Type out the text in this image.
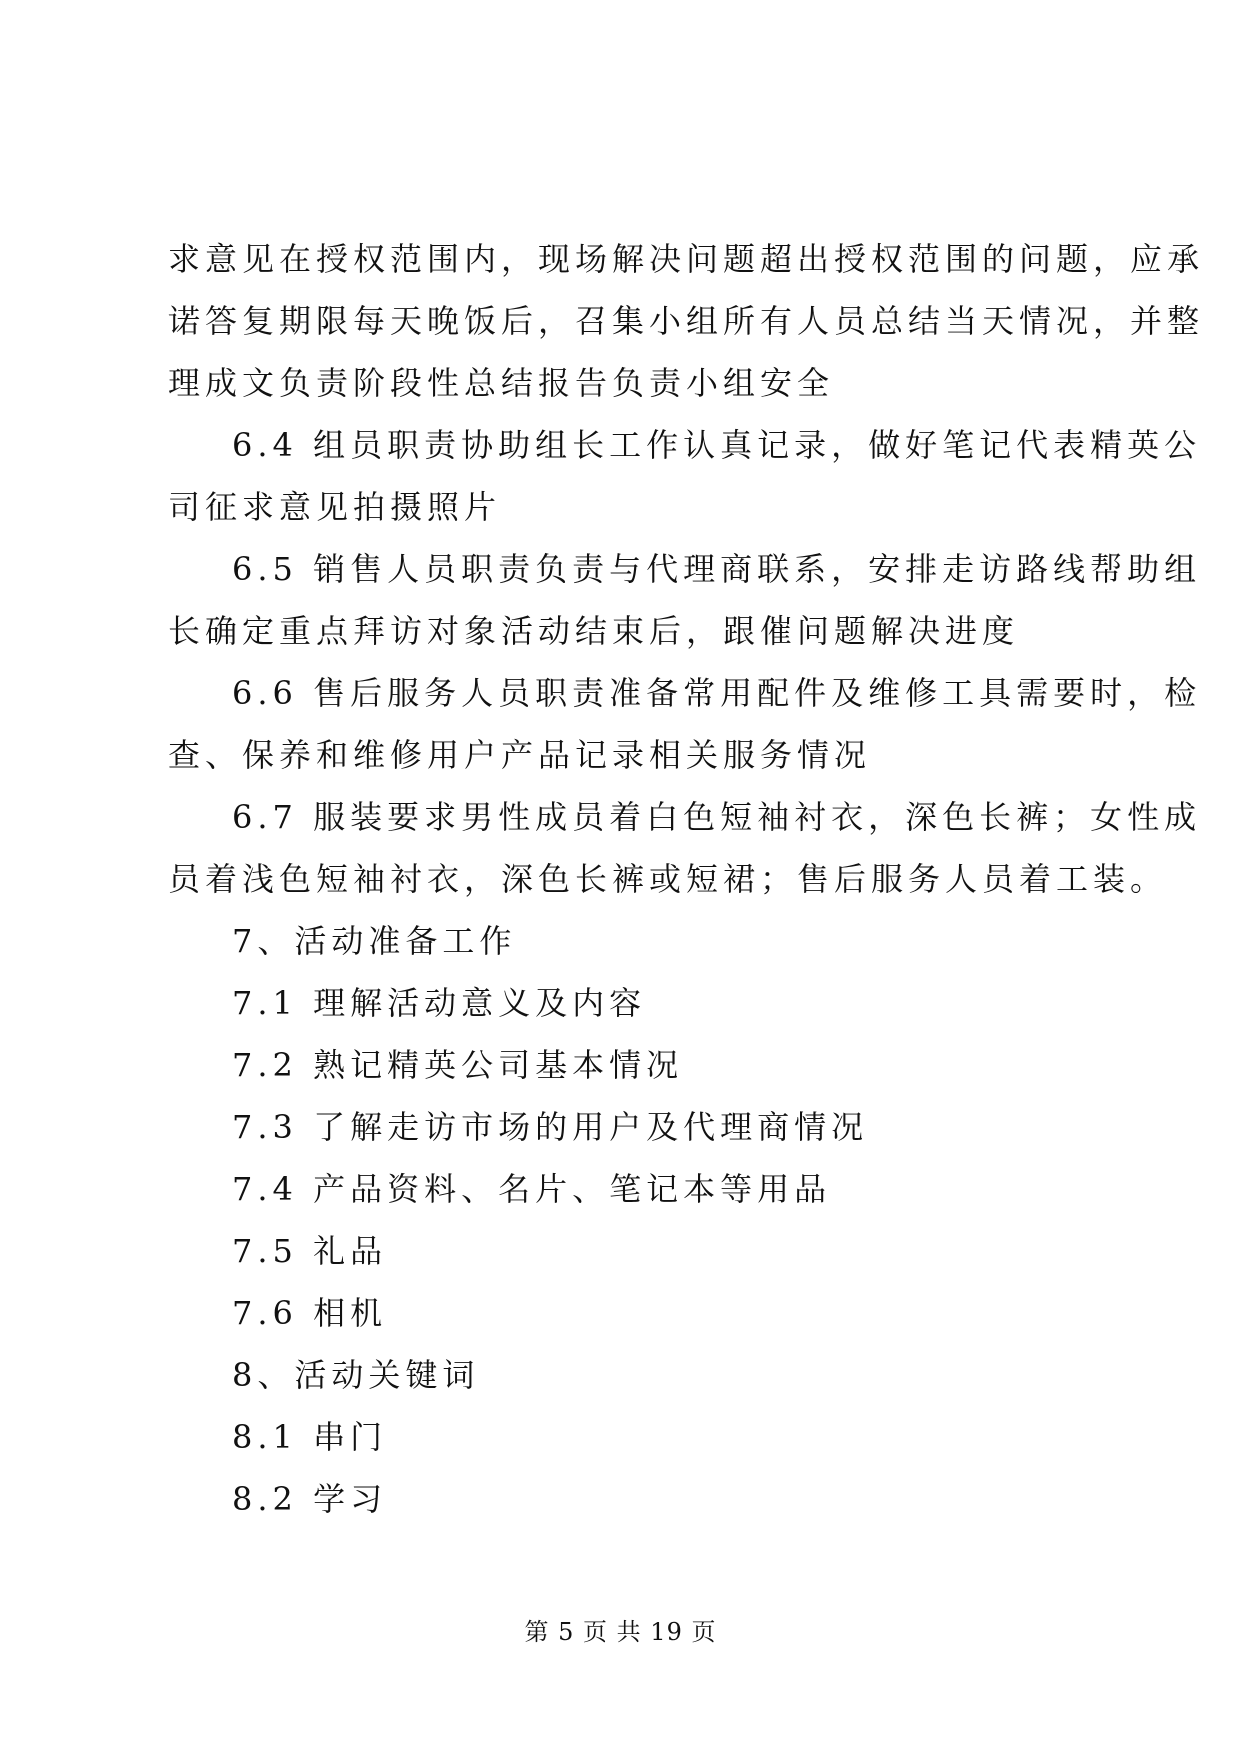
求意见在授权范围内，现场解决问题超出授权范围的问题，应承
诺答复期限每天晚饭后，召集小组所有人员总结当天情况，并整
理成文负责阶段性总结报告负责小组安全
6.4 组员职责协助组长工作认真记录，做好笔记代表精英公
司征求意见拍摄照片
6.5 销售人员职责负责与代理商联系，安排走访路线帮助组
长确定重点拜访对象活动结束后，跟催问题解决进度
6.6 售后服务人员职责准备常用配件及维修工具需要时，检
查、保养和维修用户产品记录相关服务情况
6.7 服装要求男性成员着白色短袖衬衣，深色长裤；女性成
员着浅色短袖衬衣，深色长裤或短裙；售后服务人员着工装。
7、活动准备工作
7.1 理解活动意义及内容
7.2 熟记精英公司基本情况
7.3 了解走访市场的用户及代理商情况
7.4 产品资料、名片、笔记本等用品
7.5 礼品
7.6 相机
8、活动关键词
8.1 串门
8.2 学习
第 5 页 共 19 页
